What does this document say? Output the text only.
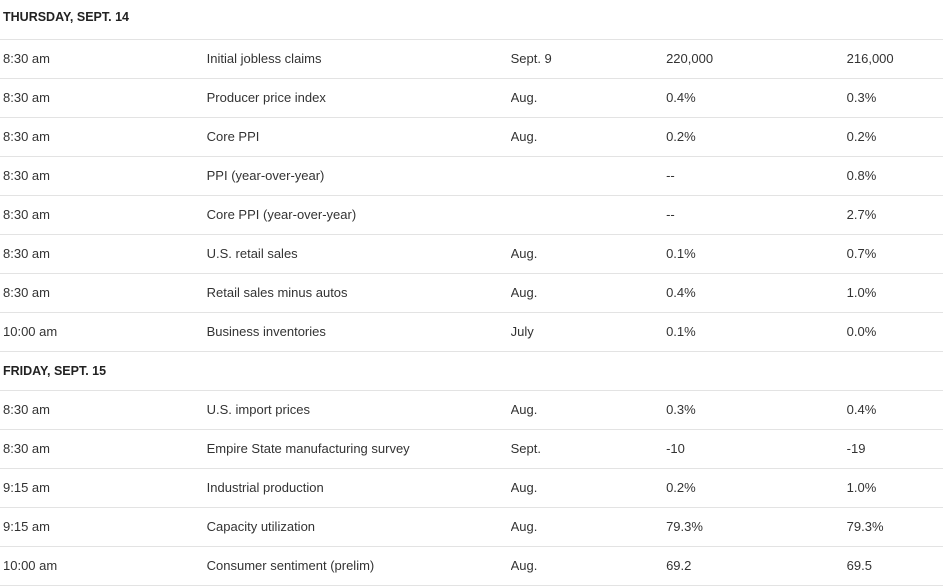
THURSDAY, SEPT. 14				
8:30 am	Initial jobless claims	Sept. 9	220,000	216,000
8:30 am	Producer price index	Aug.	0.4%	0.3%
8:30 am	Core PPI	Aug.	0.2%	0.2%
8:30 am	PPI (year-over-year)		--	0.8%
8:30 am	Core PPI (year-over-year)		--	2.7%
8:30 am	U.S. retail sales	Aug.	0.1%	0.7%
8:30 am	Retail sales minus autos	Aug.	0.4%	1.0%
10:00 am	Business inventories	July	0.1%	0.0%
FRIDAY, SEPT. 15				
8:30 am	U.S. import prices	Aug.	0.3%	0.4%
8:30 am	Empire State manufacturing survey	Sept.	-10	-19
9:15 am	Industrial production	Aug.	0.2%	1.0%
9:15 am	Capacity utilization	Aug.	79.3%	79.3%
10:00 am	Consumer sentiment (prelim)	Aug.	69.2	69.5
